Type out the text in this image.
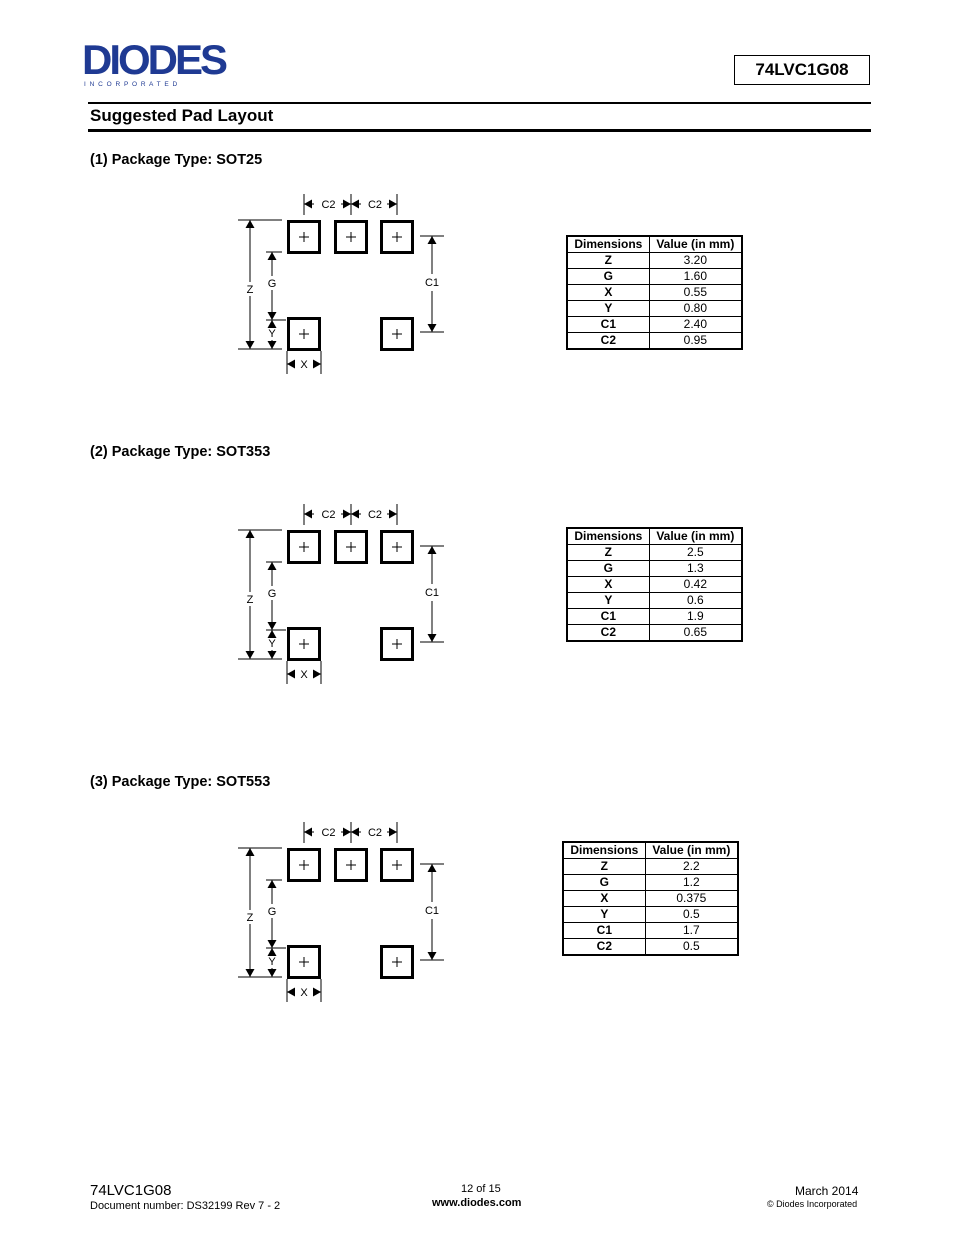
DIODES
I N C O R P O R A T E D
74LVC1G08
Suggested Pad Layout
(1) Package Type: SOT25
(2) Package Type: SOT353
(3) Package Type: SOT553
C2	C2
Z G
Y
X
C1
C2	C2
Z G
Y
X
C1
C2	C2
Z G
Y
X
C1
Dimensions	Value (in mm)
Z	3.20
G	1.60
X	0.55
Y	0.80
C1	2.40
C2	0.95
Dimensions	Value (in mm)
Z	2.5
G	1.3
X	0.42
Y	0.6
C1	1.9
C2	0.65
Dimensions	Value (in mm)
Z	2.2
G	1.2
X	0.375
Y	0.5
C1	1.7
C2	0.5
74LVC1G08
Document number: DS32199 Rev 7 - 2
12 of 15
www.diodes.com
March 2014
© Diodes Incorporated
